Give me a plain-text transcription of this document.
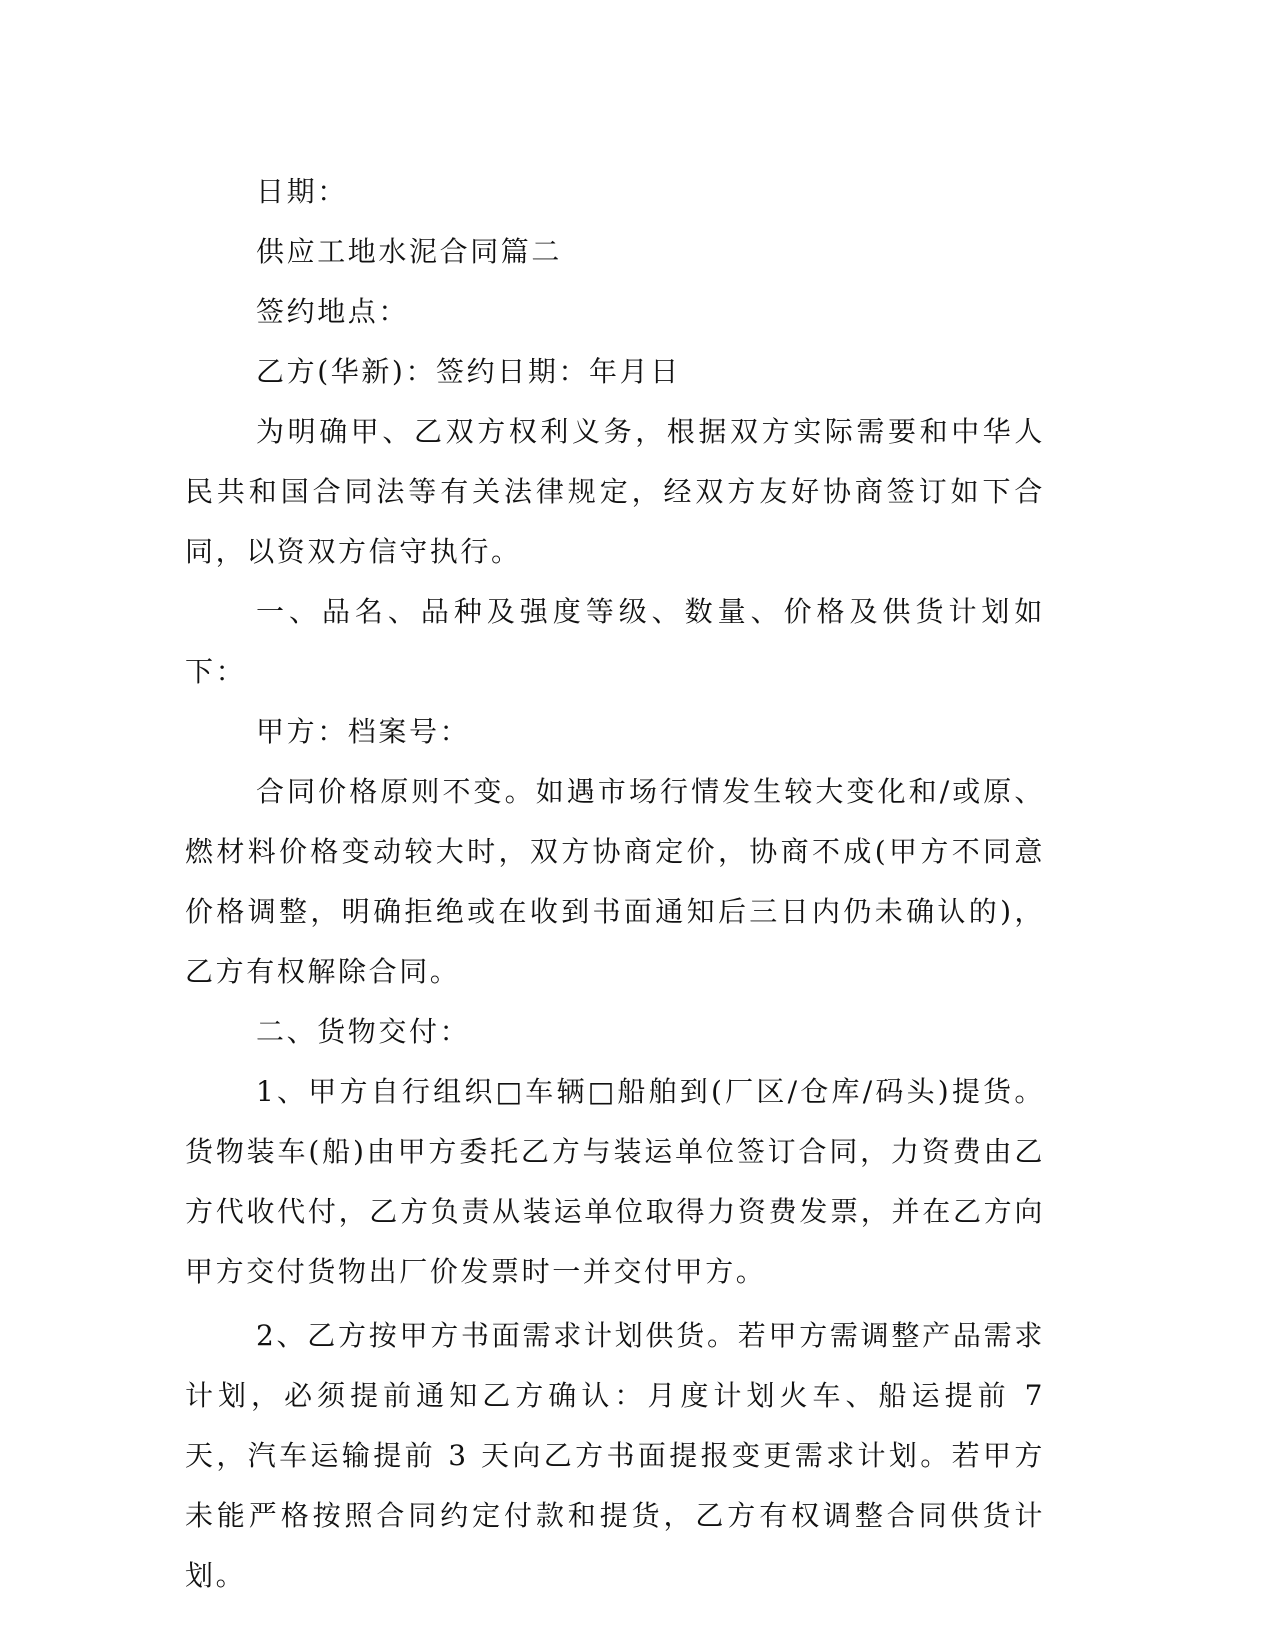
日期：

供应工地水泥合同篇二

签约地点：

乙方(华新)：签约日期：年月日

为明确甲、乙双方权利义务，根据双方实际需要和中华人民共和国合同法等有关法律规定，经双方友好协商签订如下合同，以资双方信守执行。

一、品名、品种及强度等级、数量、价格及供货计划如下：

甲方：档案号：

合同价格原则不变。如遇市场行情发生较大变化和/或原、燃材料价格变动较大时，双方协商定价，协商不成(甲方不同意价格调整，明确拒绝或在收到书面通知后三日内仍未确认的)，乙方有权解除合同。

二、货物交付：

1、甲方自行组织□车辆□船舶到(厂区/仓库/码头)提货。货物装车(船)由甲方委托乙方与装运单位签订合同，力资费由乙方代收代付，乙方负责从装运单位取得力资费发票，并在乙方向甲方交付货物出厂价发票时一并交付甲方。

2、乙方按甲方书面需求计划供货。若甲方需调整产品需求计划，必须提前通知乙方确认：月度计划火车、船运提前 7 天，汽车运输提前 3 天向乙方书面提报变更需求计划。若甲方未能严格按照合同约定付款和提货，乙方有权调整合同供货计划。
